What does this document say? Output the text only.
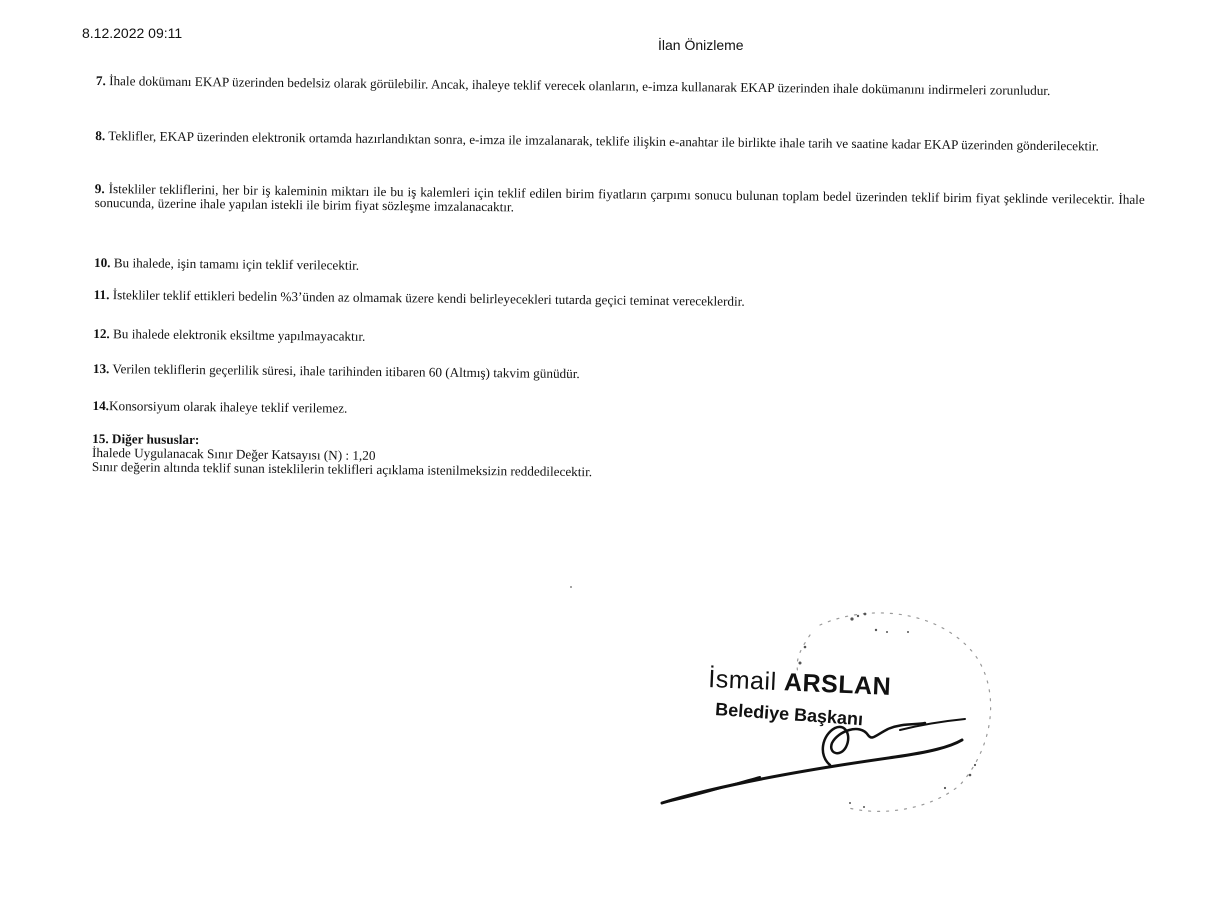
8.12.2022 09:11
İlan Önizleme
7. İhale dokümanı EKAP üzerinden bedelsiz olarak görülebilir. Ancak, ihaleye teklif verecek olanların, e-imza kullanarak EKAP üzerinden ihale dokümanını indirmeleri zorunludur.
8. Teklifler, EKAP üzerinden elektronik ortamda hazırlandıktan sonra, e-imza ile imzalanarak, teklife ilişkin e-anahtar ile birlikte ihale tarih ve saatine kadar EKAP üzerinden gönderilecektir.
9. İstekliler tekliflerini, her bir iş kaleminin miktarı ile bu iş kalemleri için teklif edilen birim fiyatların çarpımı sonucu bulunan toplam bedel üzerinden teklif birim fiyat şeklinde verilecektir. İhale sonucunda, üzerine ihale yapılan istekli ile birim fiyat sözleşme imzalanacaktır.
10. Bu ihalede, işin tamamı için teklif verilecektir.
11. İstekliler teklif ettikleri bedelin %3’ünden az olmamak üzere kendi belirleyecekleri tutarda geçici teminat vereceklerdir.
12. Bu ihalede elektronik eksiltme yapılmayacaktır.
13. Verilen tekliflerin geçerlilik süresi, ihale tarihinden itibaren 60 (Altmış) takvim günüdür.
14.Konsorsiyum olarak ihaleye teklif verilemez.
15. Diğer hususlar:
İhalede Uygulanacak Sınır Değer Katsayısı (N) : 1,20
Sınır değerin altında teklif sunan isteklilerin teklifleri açıklama istenilmeksizin reddedilecektir.
İsmail ARSLAN
Belediye Başkanı
